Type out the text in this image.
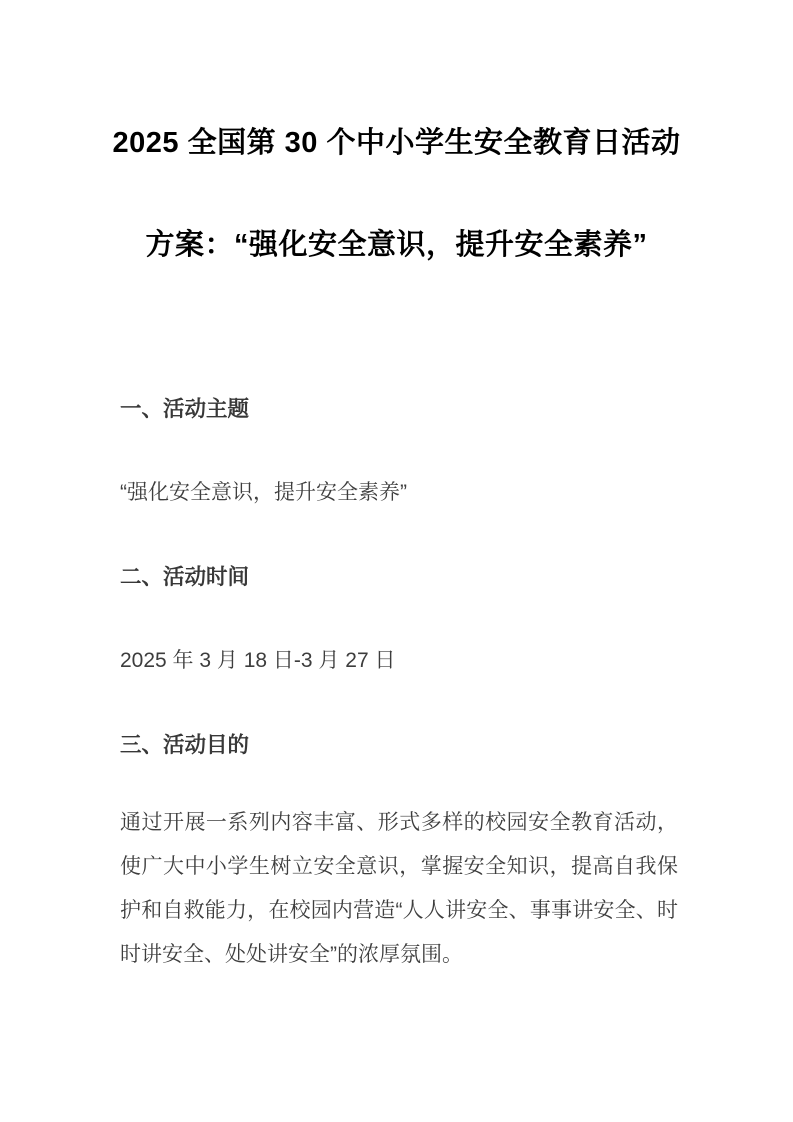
2025 全国第 30 个中小学生安全教育日活动
方案：“强化安全意识，提升安全素养”
一、活动主题

“强化安全意识，提升安全素养”

二、活动时间

2025 年 3 月 18 日-3 月 27 日

三、活动目的

通过开展一系列内容丰富、形式多样的校园安全教育活动，使广大中小学生树立安全意识，掌握安全知识，提高自我保护和自救能力，在校园内营造“人人讲安全、事事讲安全、时时讲安全、处处讲安全”的浓厚氛围。
